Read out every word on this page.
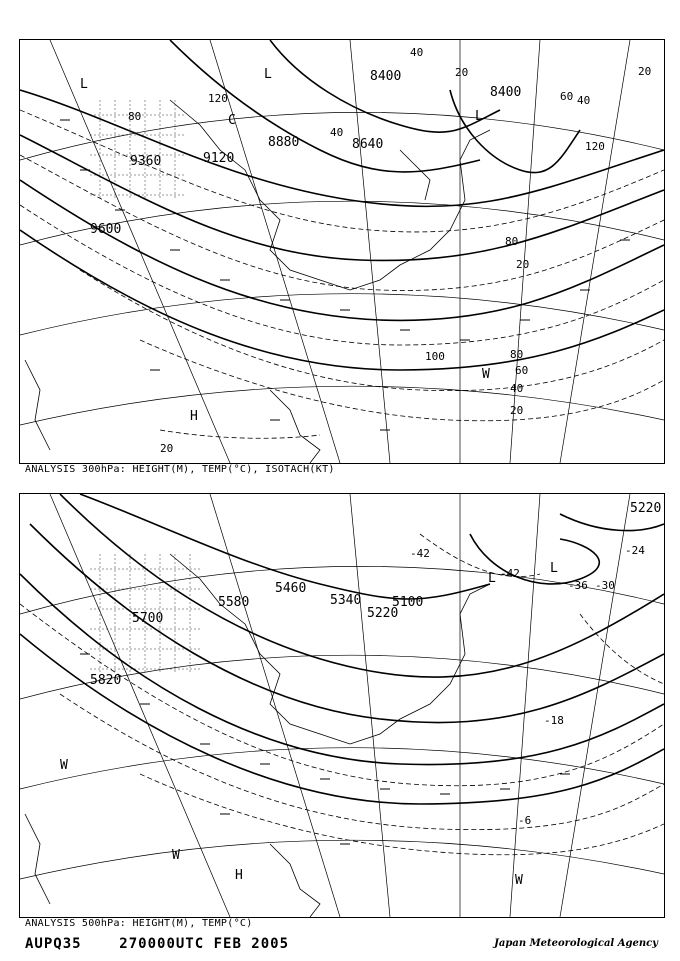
8400
8400
8640
8880
9120
9360
9600
40
20
60
80
100	80
60
40
20
120
120
80
40
20
20
40
20
L
L
L
H
W
C
ANALYSIS 300hPa: HEIGHT(M), TEMP(°C), ISOTACH(KT)
5220
5100
5220
5340
5460
5580
5700
5820
-42
-42
-36 -30
-24
-18
-6
L
L
H
W
W
W
ANALYSIS 500hPa: HEIGHT(M), TEMP(°C)
AUPQ35	270000UTC FEB 2005	Japan Meteorological Agency
